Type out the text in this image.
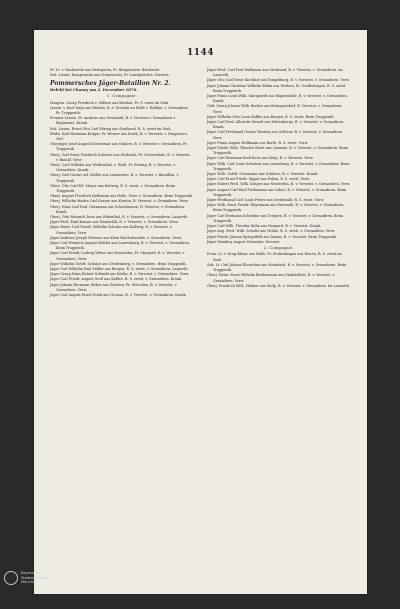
1144

Pr. Lt. v. Haskowski aus Hedegoren, Pr. Bergmeister. Beurlaubt.

Sek. Lieutn. Rampenwitz aus Scharwachs, Pr. Landgerichts. Versetzt.

Pommersches Jäger-Bataillon Nr. 2.
Befehl bei Chanzy am 2. December 1870.
1. Compagnie.

Hauptm. Georg Friedrich v. Stillern aus Breslau, Pr. S. zweit im Stab.

Lieutn. v. Karl Voigt aus Weiden, R. v. Versetzt an Halle v. Waldau, v. Grenadiren, Pr. Truppenth.

Premier-Lieutn. Fr. Andreas aus Grenstadt, R. v. Versetzt v. Grenadiren v. Regiments, Krank.

Sek. Lieutn. Ernst Otto Carl Ebring aus Stralsund. R. S. zweit im Stab.

Feldw. Karl Hermann Krüger, Pr. Werner aus Korth, R. v. Versetzt, v. Dragonern. Verl.

Oberjäger Josef August Schwerinat aus Grabow, R. v. Versetzt v. Grenadiren, Pr. Truppenth.

Oberj. Carl Ernst Friedrich Schwarz aus Grubsieb, Pr. Schweidnitz, R. v. Versetzt, v. Bataill. Verw.

Oberj. Carl Wilhelm aus Weißenthal, v. Weiß. Pr. Freitag, R. v. Versetzt, v. Grenadiren. Krank.

Oberj. Carl Gustav Ad. Müller aus Lauenstein, R. v. Versetzt, v. Bataillon, v. Truppenth.

Oberj. Otto Carl Ed. Meyer aus Kettwig, R. S. zweit, v. Grenadiren. Beim Truppenth.

Oberj. August Friedrich Hoffmann aus Halle, Verw. v. Grenadiren. Beim Truppenth.

Oberj. Wilhelm Martin Carl Krause aus Kerstin, R. Versetzt, v. Grenadiren. Verw.

Oberj. Hans Carl Rud. Gutzmann aus Schönhausen, R. Versetzt, v. Grenadiren. Krank.

Oberj. Otto Heinrich Rose aus Erkenthal, R. v. Versetzt, v. Grenadiren. Lazareth.

Jäger Ferd. Emil Krause aus Wasserlöb, R. v. Versetzt, v. Grenadiren. Verw.

Jäger Heinr. Carl Friedr. Wilhelm Schulze aus Kolberg, R. v. Versetzt, v. Grenadiren. Verw.

Jäger Andreas Joseph Wiesner aus Klein Bischofswalde, v. Grenadiren. Verw.

Jäger Carl Heinrich August Mahler aus Laurenburg, R. v. Versetzt, v. Grenadiren. Beim Truppenth.

Jäger Carl Friedr. Ludwig Weber aus Neustettin, Pr. Stargard, R. v. Versetzt, v. Grenadiren. Verw.

Jäger Wilhelm Gottfr. Schulze aus Greifenberg, v. Grenadiren. Beim Truppenth.

Jäger Carl Wilhelm Paul Müller aus Bergen, R. S. zweit, v. Grenadiren. Lazareth.

Jäger Georg Hans Robert Schmidt aus Köslin, R. v. Versetzt, v. Grenadiren. Verw.

Jäger Carl Friedr. August Groß aus Kallies, R. S. zweit, v. Grenadiren. Krank.

Jäger Johann Hermann Weber aus Güstrow, Pr. Welschen, R. v. Versetzt, v. Grenadiren. Verw.

Jäger Carl August Ernst Fendt aus Gronau, R. v. Versetzt, v. Grenadiren. Krank.

Jäger Ferd. Carl Paul Hoffmann aus Stralsund, R. v. Versetzt, v. Grenadiren. Im Lazareth.

Jäger Otto Carl Ernst Kirchhof aus Tempelburg, R. v. Versetzt, v. Grenadiren. Verw.

Jäger Johann Christian Wilhelm Böhm aus Werben, Pr. Greifenhagen, R. S. zweit. Beim Truppenth.

Jäger Franz Louis Wilh. Marquardt aus Rügenwalde, R. v. Versetzt, v. Grenadiren. Krank.

Gefr. Georg Johann Wilh. Becker aus Beringersdorf, R. Versetzt, v. Grenadiren. Verw.

Jäger Wilhelm Otto Louis Kaffke aus Bergen, R. S. zweit. Beim Truppenth.

Jäger Carl Ferd. Albrecht Strauß aus Wittenberge, R. v. Versetzt, v. Grenadiren. Krank.

Jäger Carl Ferdinand Gustav Pantzer aus Gollnow, R. v. Versetzt, v. Grenadiren. Verw.

Jäger Franz August Hoffmann aus Barth, R. S. zweit. Verw.

Jäger Friedr. Wilh. Theodor Ernst aus Cammin, R. v. Versetzt, v. Grenadiren. Beim Truppenth.

Jäger Carl Hermann Emil Koch aus Stolp, R. v. Versetzt. Verw.

Jäger Wilh. Carl Louis Schubert aus Lauenburg, R. v. Versetzt, v. Grenadiren. Beim Truppenth.

Jäger Wilh. Gottfr. Schumann aus Schlawe, R. v. Versetzt. Krank.

Jäger Carl Ernst Friedr. Zippel aus Polzin, R. S. zweit. Verw.

Jäger Robert Ferd. Wilh. Krüger aus Neustettin, R. v. Versetzt, v. Grenadiren. Verw.

Jäger August Carl Emil Tiedemann aus Labes, R. v. Versetzt, v. Grenadiren. Beim Truppenth.

Jäger Ferdinand Carl Louis Peters aus Greifswald, R. S. zweit. Verw.

Jäger Wilh. Ernst Friedr. Hilgemann aus Pasewalk, R. v. Versetzt, v. Grenadiren. Beim Truppenth.

Jäger Carl Hermann Schreiber aus Treptow, R. v. Versetzt, v. Grenadiren. Beim Truppenth.

Jäger Carl Wilh. Theodor Köhn aus Naugard, R. v. Versetzt. Krank.

Jäger Aug. Ferd. Wilh. Schultz aus Wollin, R. S. zweit, v. Grenadiren. Verw.

Jäger Friedr. Johann Spiegelfeld aus Damm, R. v. Versetzt. Beim Truppenth.

Jäger Manthey August Stemmler. Versetzt.

2. Compagnie.

Prem. Lt. v. Krug-Klinar aus Halle, Pr. Stolzenhagen aus Nauen, R. S. zweit im Stab.

Sek. Lt. Carl Johann Elsenthan aus Steinbach, R. v. Versetzt, v. Grenadiren. Beim Truppenth.

Oberj. Heinr. Ernst Wilhelm Biedermann aus Dinkelsbühl, R. v. Versetzt, v. Grenadiren. Verw.

Oberj. Friedrich Wilh. Holmer aus Stolp, R. v. Versetzt, v. Grenadiren. Im Lazareth.

Bayerische
Staatsbibliothek
München
